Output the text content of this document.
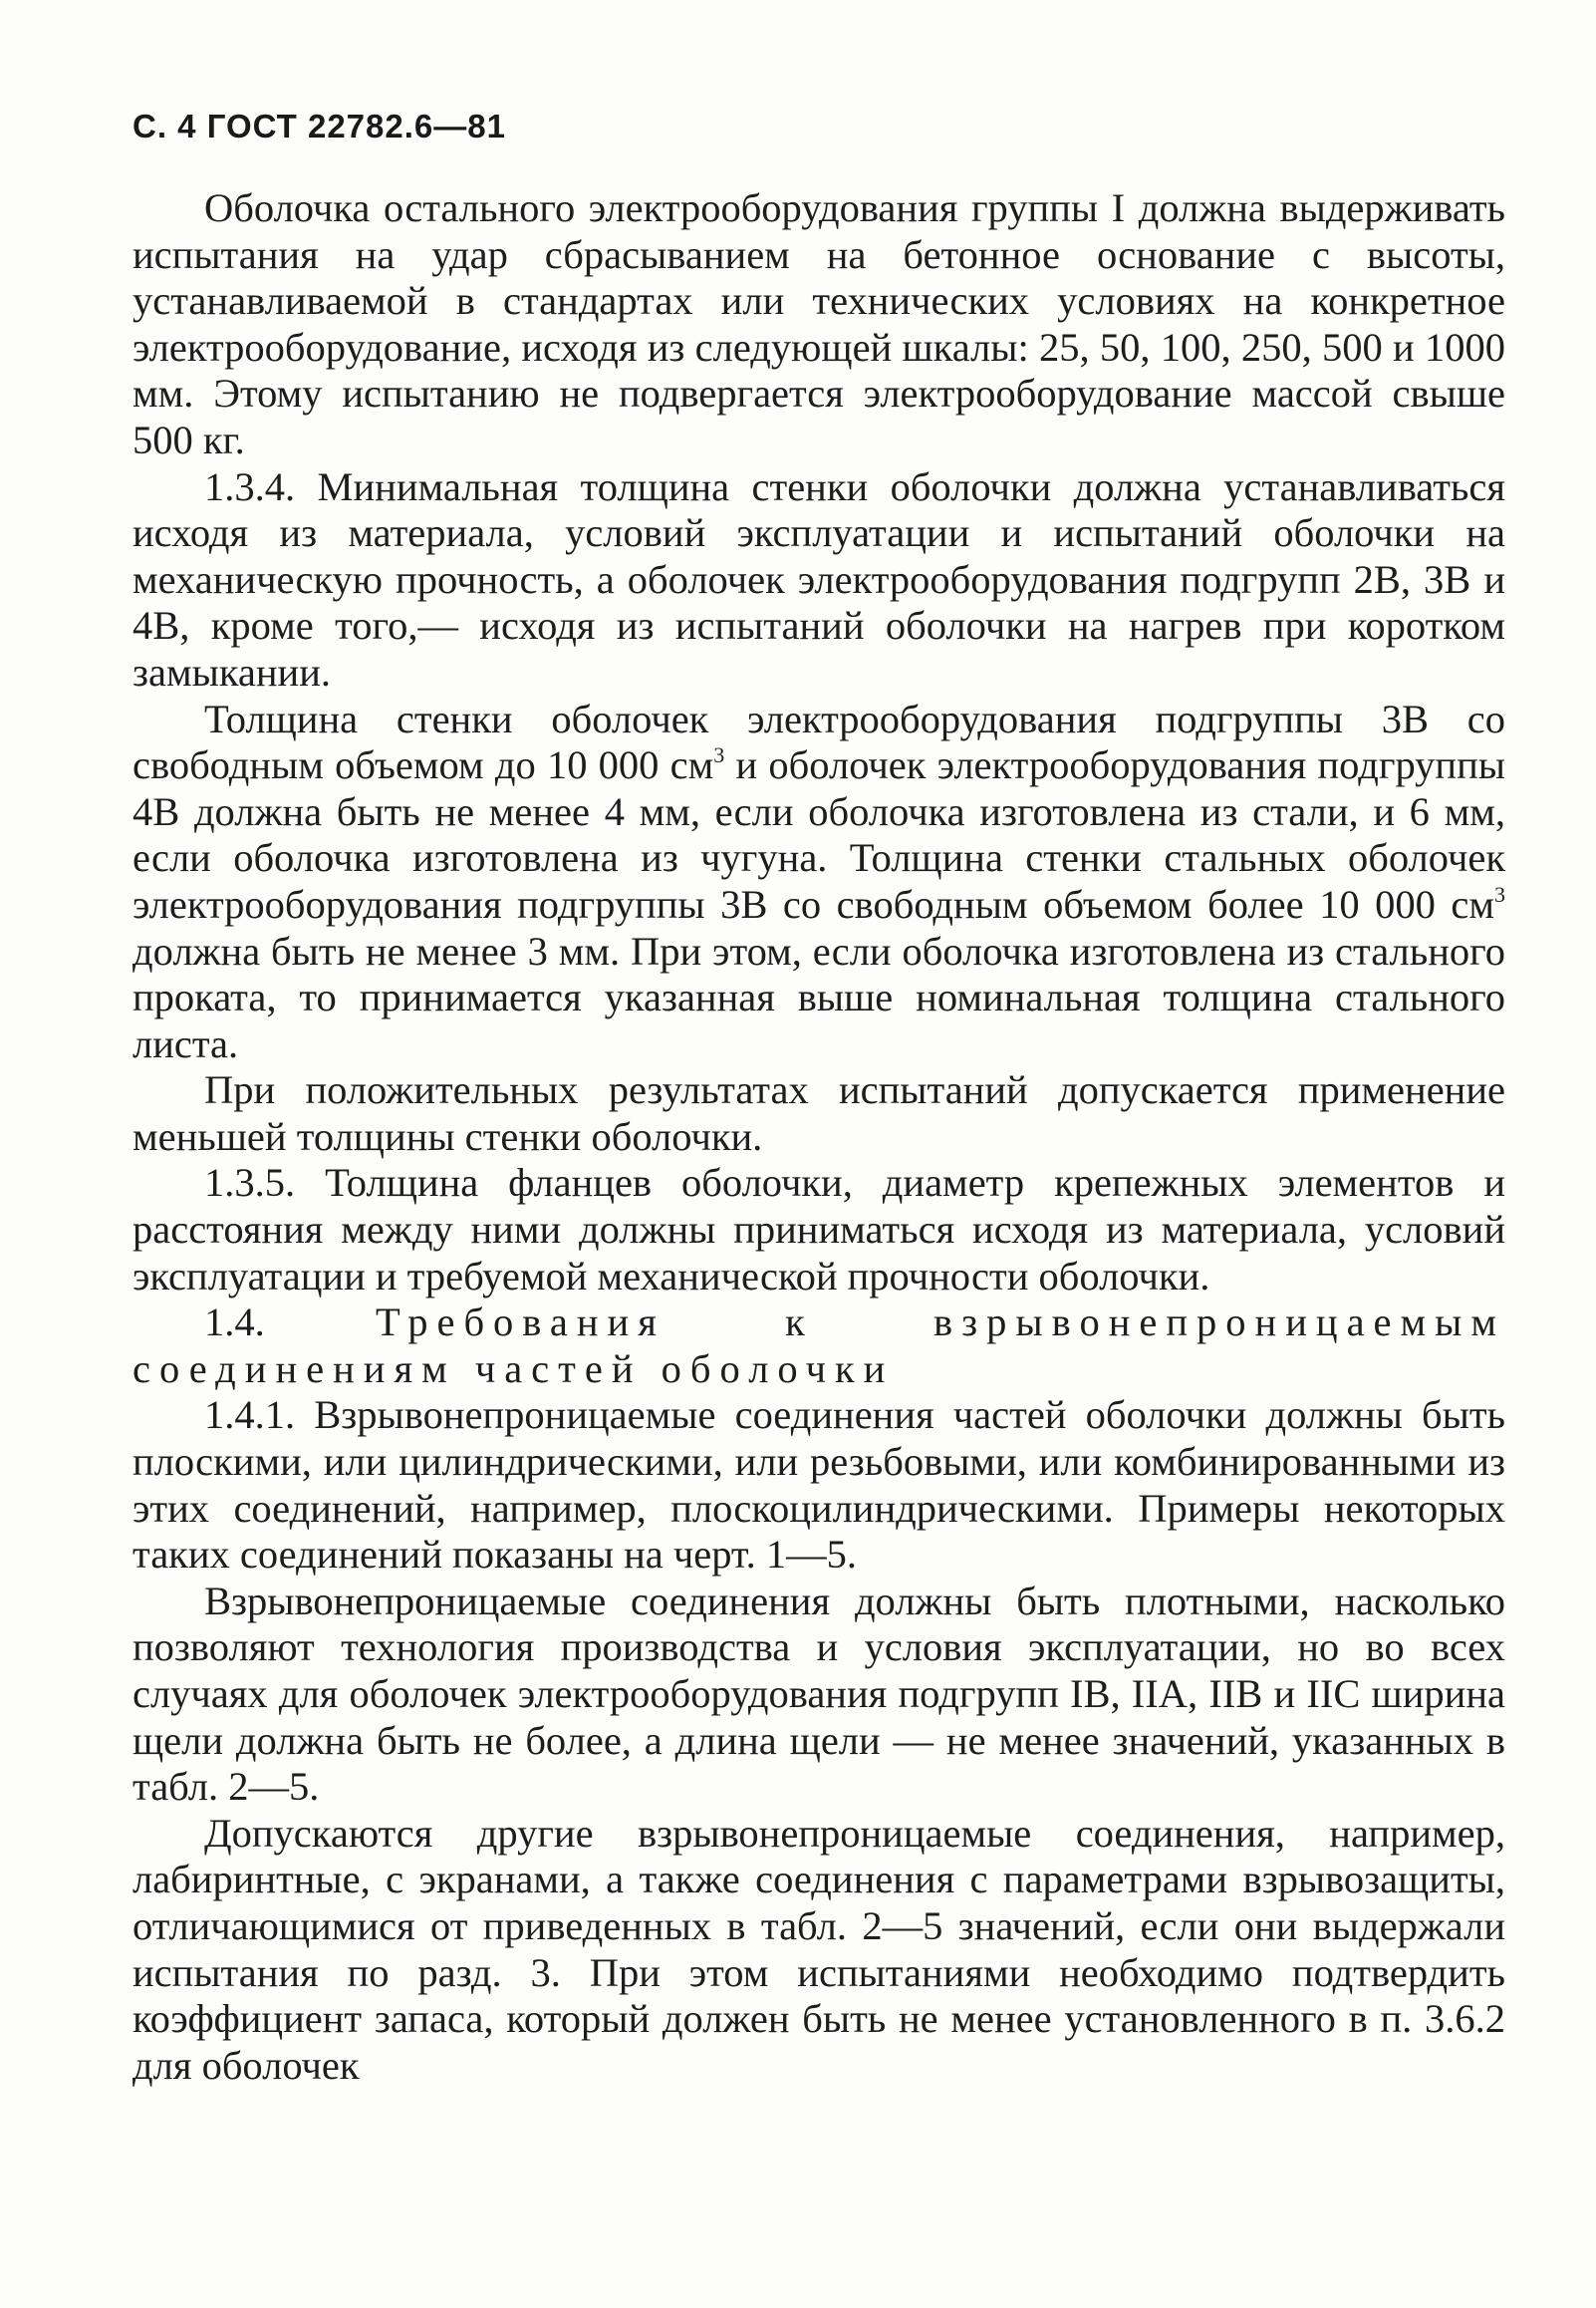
С. 4 ГОСТ 22782.6—81

Оболочка остального электрооборудования группы I должна выдерживать испытания на удар сбрасыванием на бетонное основание с высоты, устанавливаемой в стандартах или технических условиях на конкретное электрооборудование, исходя из следующей шкалы: 25, 50, 100, 250, 500 и 1000 мм. Этому испытанию не подвергается электрооборудование массой свыше 500 кг.

1.3.4. Минимальная толщина стенки оболочки должна устанавливаться исходя из материала, условий эксплуатации и испытаний оболочки на механическую прочность, а оболочек электрооборудования подгрупп 2В, 3В и 4В, кроме того,— исходя из испытаний оболочки на нагрев при коротком замыкании.

Толщина стенки оболочек электрооборудования подгруппы 3В со свободным объемом до 10 000 $см^3$ и оболочек электрооборудования подгруппы 4В должна быть не менее 4 мм, если оболочка изготовлена из стали, и 6 мм, если оболочка изготовлена из чугуна. Толщина стенки стальных оболочек электрооборудования подгруппы 3В со свободным объемом более 10 000 $см^3$ должна быть не менее 3 мм. При этом, если оболочка изготовлена из стального проката, то принимается указанная выше номинальная толщина стального листа.

При положительных результатах испытаний допускается применение меньшей толщины стенки оболочки.

1.3.5. Толщина фланцев оболочки, диаметр крепежных элементов и расстояния между ними должны приниматься исходя из материала, условий эксплуатации и требуемой механической прочности оболочки.

1.4.	Требования к взрывонепроницаемым соединениям частей оболочки

1.4.1. Взрывонепроницаемые соединения частей оболочки должны быть плоскими, или цилиндрическими, или резьбовыми, или комбинированными из этих соединений, например, плоскоцилиндрическими. Примеры некоторых таких соединений показаны на черт. 1—5.

Взрывонепроницаемые соединения должны быть плотными, насколько позволяют технология производства и условия эксплуатации, но во всех случаях для оболочек электрооборудования подгрупп IB, IIA, IIB и IIC ширина щели должна быть не более, а длина щели — не менее значений, указанных в табл. 2—5.

Допускаются другие взрывонепроницаемые соединения, например, лабиринтные, с экранами, а также соединения с параметрами взрывозащиты, отличающимися от приведенных в табл. 2—5 значений, если они выдержали испытания по разд. 3. При этом испытаниями необходимо подтвердить коэффициент запаса, который должен быть не менее установленного в п. 3.6.2 для оболочек
